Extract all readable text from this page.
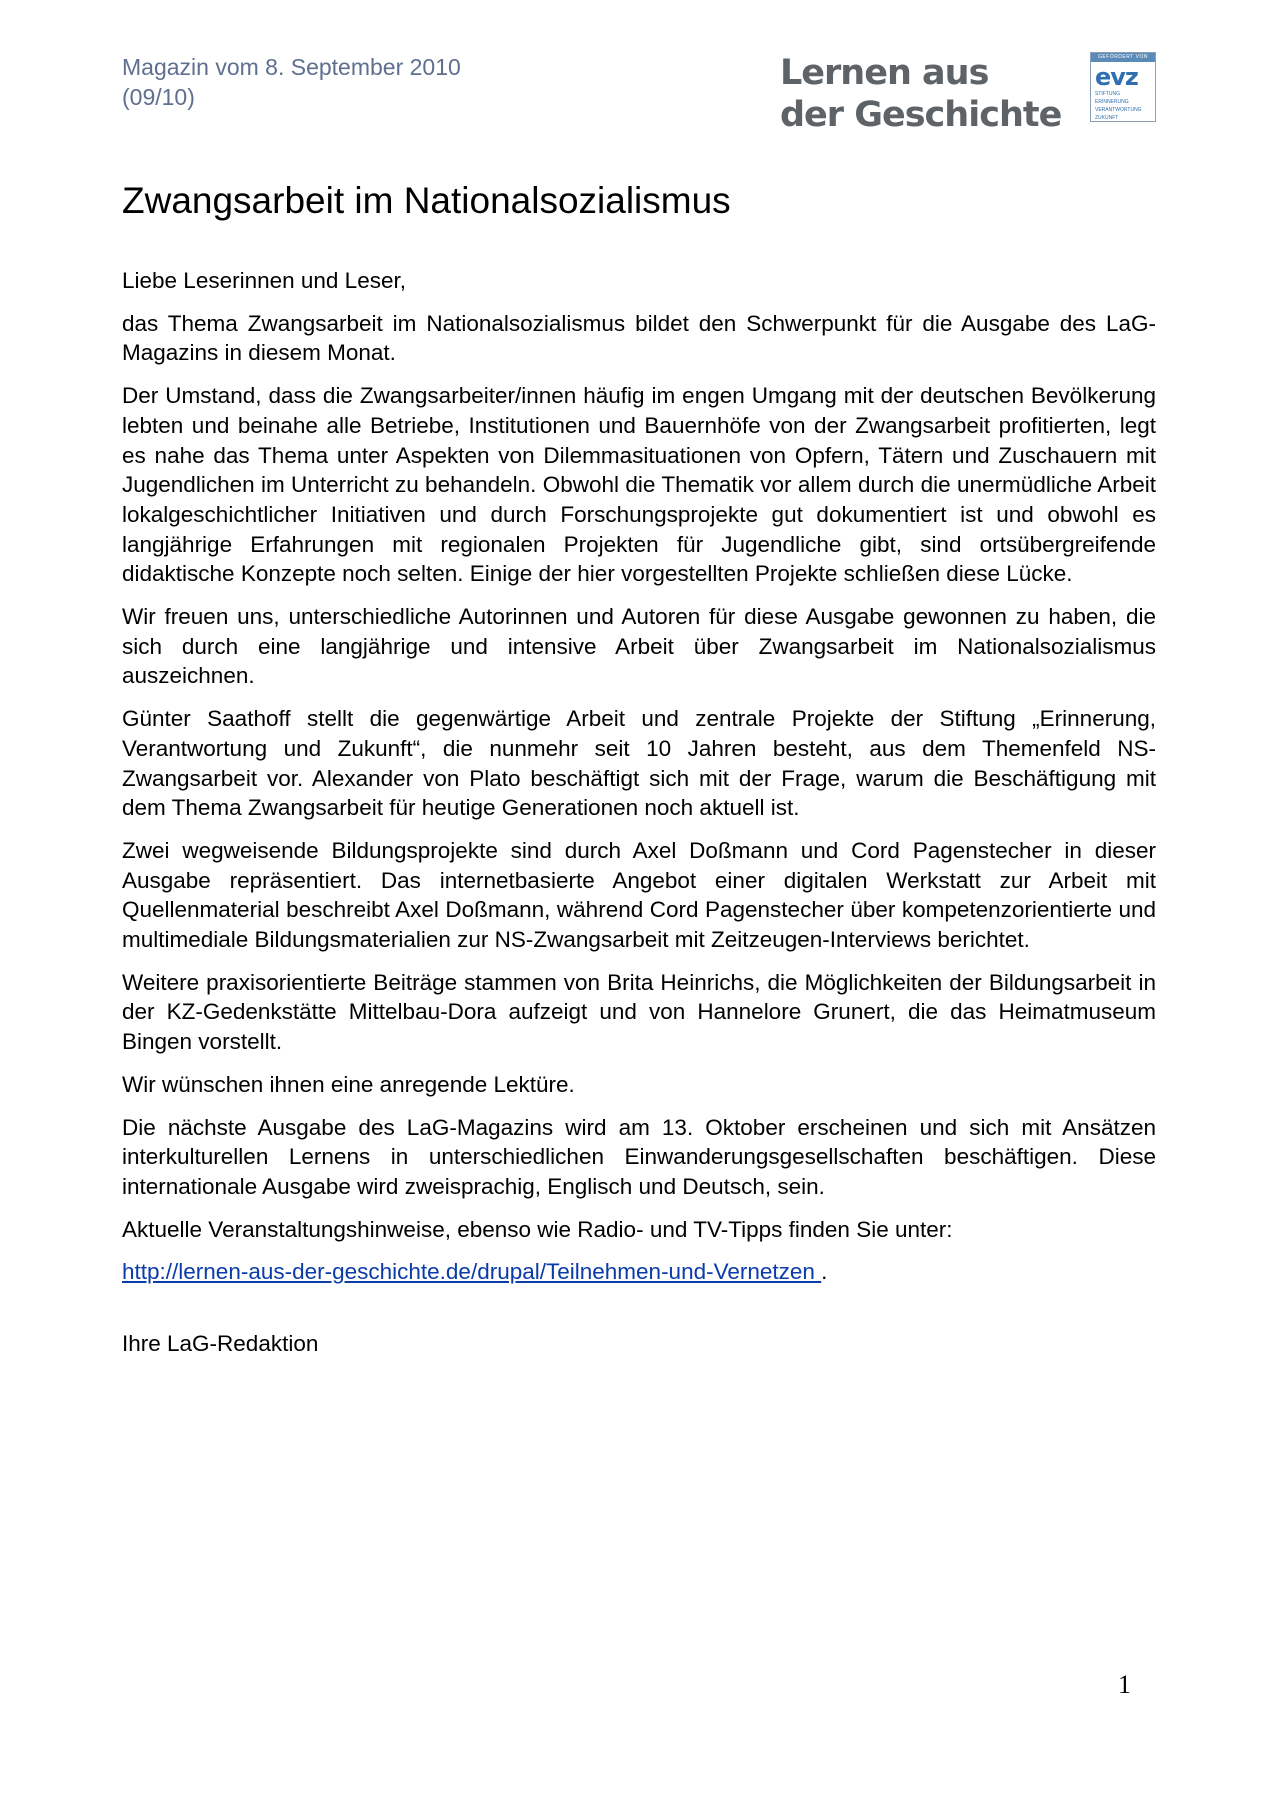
Magazin vom 8. September 2010
(09/10)
Lernen aus
der Geschichte
GEFÖRDERT VON
evz
STIFTUNG
ERINNERUNG
VERANTWORTUNG
ZUKUNFT
Zwangsarbeit im Nationalsozialismus

Liebe Leserinnen und Leser,

das Thema Zwangsarbeit im Nationalsozialismus bildet den Schwerpunkt für die Ausgabe des LaG-Magazins in diesem Monat.

Der Umstand, dass die Zwangsarbeiter/innen häufig im engen Umgang mit der deutschen Bevölkerung lebten und beinahe alle Betriebe, Institutionen und Bauernhöfe von der Zwangsarbeit profitierten, legt es nahe das Thema unter Aspekten von Dilemmasituationen von Opfern, Tätern und Zuschauern mit Jugendlichen im Unterricht zu behandeln. Obwohl die Thematik vor allem durch die unermüdliche Arbeit lokalgeschichtlicher Initiativen und durch Forschungsprojekte gut dokumentiert ist und obwohl es langjährige Erfahrungen mit regionalen Projekten für Jugendliche gibt, sind ortsübergreifende didaktische Konzepte noch selten. Einige der hier vorgestellten Projekte schließen diese Lücke.

Wir freuen uns, unterschiedliche Autorinnen und Autoren für diese Ausgabe gewonnen zu haben, die sich durch eine langjährige und intensive Arbeit über Zwangsarbeit im Nationalsozialismus auszeichnen.

Günter Saathoff stellt die gegenwärtige Arbeit und zentrale Projekte der Stiftung „Erinnerung, Verantwortung und Zukunft“, die nunmehr seit 10 Jahren besteht, aus dem Themenfeld NS-Zwangsarbeit vor. Alexander von Plato beschäftigt sich mit der Frage, warum die Beschäftigung mit dem Thema Zwangsarbeit für heutige Generationen noch aktuell ist.

Zwei wegweisende Bildungsprojekte sind durch Axel Doßmann und Cord Pagenstecher in dieser Ausgabe repräsentiert. Das internetbasierte Angebot einer digitalen Werkstatt zur Arbeit mit Quellenmaterial beschreibt Axel Doßmann, während Cord Pagenstecher über kompetenzorientierte und multimediale Bildungsmaterialien zur NS-Zwangsarbeit mit Zeitzeugen-Interviews berichtet.

Weitere praxisorientierte Beiträge stammen von Brita Heinrichs, die Möglichkeiten der Bildungsarbeit in der KZ-Gedenkstätte Mittelbau-Dora aufzeigt und von Hannelore Grunert, die das Heimatmuseum Bingen vorstellt.

Wir wünschen ihnen eine anregende Lektüre.

Die nächste Ausgabe des LaG-Magazins wird am 13. Oktober erscheinen und sich mit Ansätzen interkulturellen Lernens in unterschiedlichen Einwanderungsgesellschaften beschäftigen. Diese internationale Ausgabe wird zweisprachig, Englisch und Deutsch, sein.

Aktuelle Veranstaltungshinweise, ebenso wie Radio- und TV-Tipps finden Sie unter:

http://lernen-aus-der-geschichte.de/drupal/Teilnehmen-und-Vernetzen .

Ihre LaG-Redaktion

1
